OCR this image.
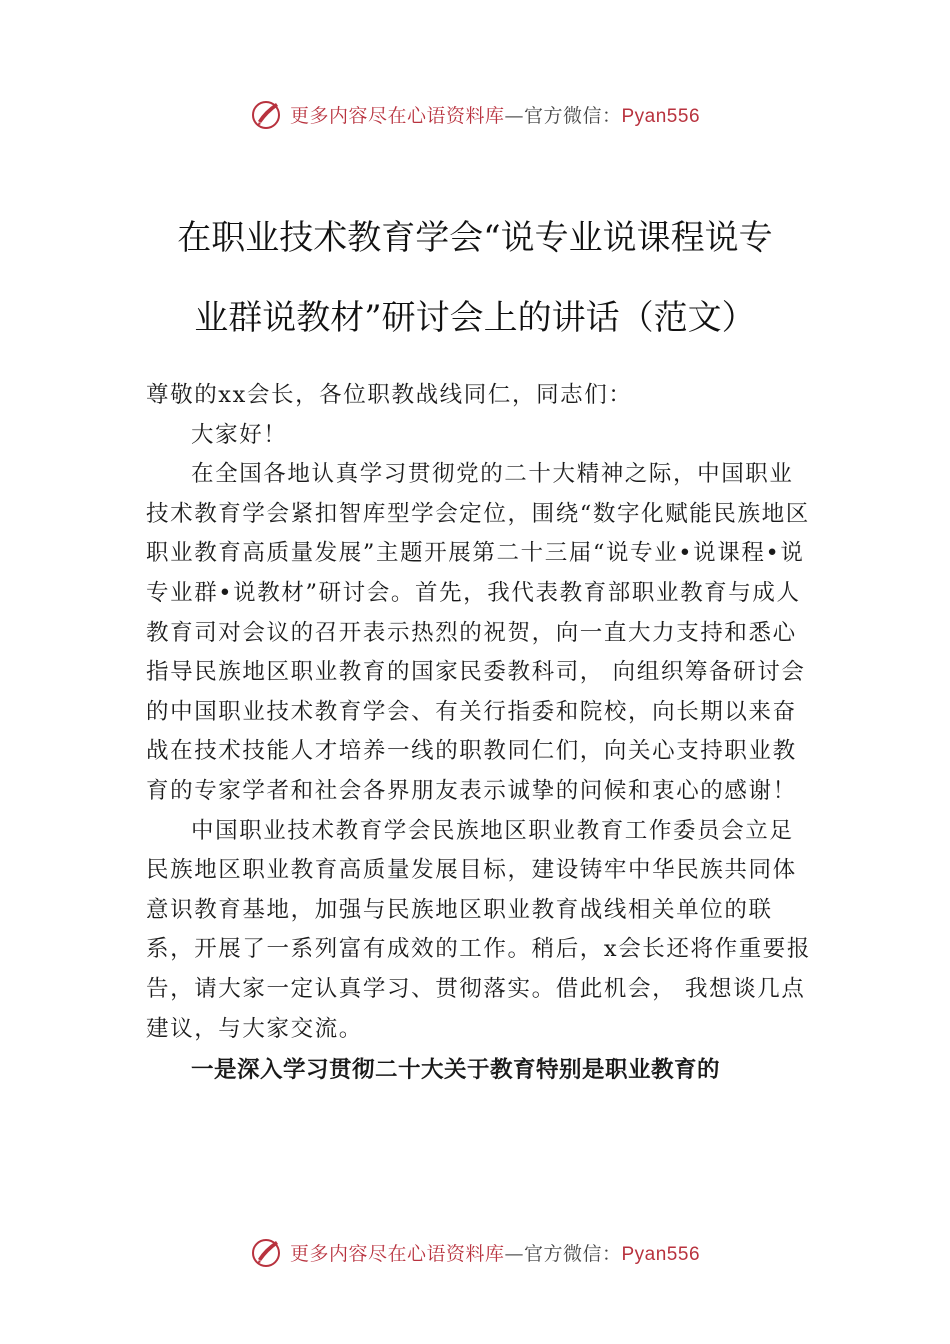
更多内容尽在心语资料库—官方微信：Pyan556
在职业技术教育学会“说专业说课程说专
业群说教材”研讨会上的讲话（范文）

尊敬的xx会长，各位职教战线同仁，同志们：

大家好！

在全国各地认真学习贯彻党的二十大精神之际，中国职业技术教育学会紧扣智库型学会定位，围绕“数字化赋能民族地区职业教育高质量发展”主题开展第二十三届“说专业•说课程•说专业群•说教材”研讨会。首先，我代表教育部职业教育与成人教育司对会议的召开表示热烈的祝贺，向一直大力支持和悉心指导民族地区职业教育的国家民委教科司， 向组织筹备研讨会的中国职业技术教育学会、有关行指委和院校，向长期以来奋战在技术技能人才培养一线的职教同仁们，向关心支持职业教育的专家学者和社会各界朋友表示诚挚的问候和衷心的感谢！

中国职业技术教育学会民族地区职业教育工作委员会立足民族地区职业教育高质量发展目标，建设铸牢中华民族共同体意识教育基地，加强与民族地区职业教育战线相关单位的联系，开展了一系列富有成效的工作。稍后，x会长还将作重要报告，请大家一定认真学习、贯彻落实。借此机会， 我想谈几点建议，与大家交流。

一是深入学习贯彻二十大关于教育特别是职业教育的

更多内容尽在心语资料库—官方微信：Pyan556
